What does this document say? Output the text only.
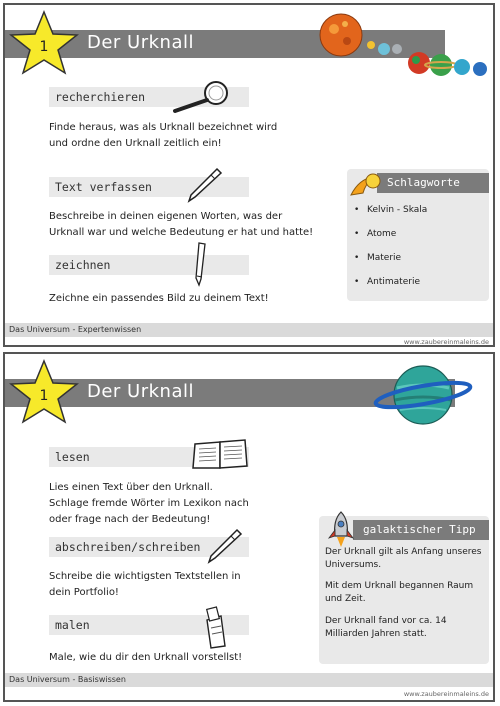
Der Urknall
1
recherchieren
Finde heraus, was als Urknall bezeichnet wird
und ordne den Urknall zeitlich ein!
Text verfassen
Beschreibe in deinen eigenen Worten, was der
Urknall war und welche Bedeutung er hat und hatte!
zeichnen
Zeichne ein passendes Bild zu deinem Text!
Schlagworte
• Kelvin - Skala
• Atome
• Materie
• Antimaterie
Das Universum - Expertenwissen
www.zaubereinmaleins.de
Der Urknall
1
lesen
Lies einen Text über den Urknall.
Schlage fremde Wörter im Lexikon nach
oder frage nach der Bedeutung!
abschreiben/schreiben
Schreibe die wichtigsten Textstellen in
dein Portfolio!
malen
Male, wie du dir den Urknall vorstellst!
galaktischer Tipp
Der Urknall gilt als Anfang unseres
Universums.
Mit dem Urknall begannen Raum
und Zeit.
Der Urknall fand vor ca. 14
Milliarden Jahren statt.
Das Universum - Basiswissen
www.zaubereinmaleins.de
